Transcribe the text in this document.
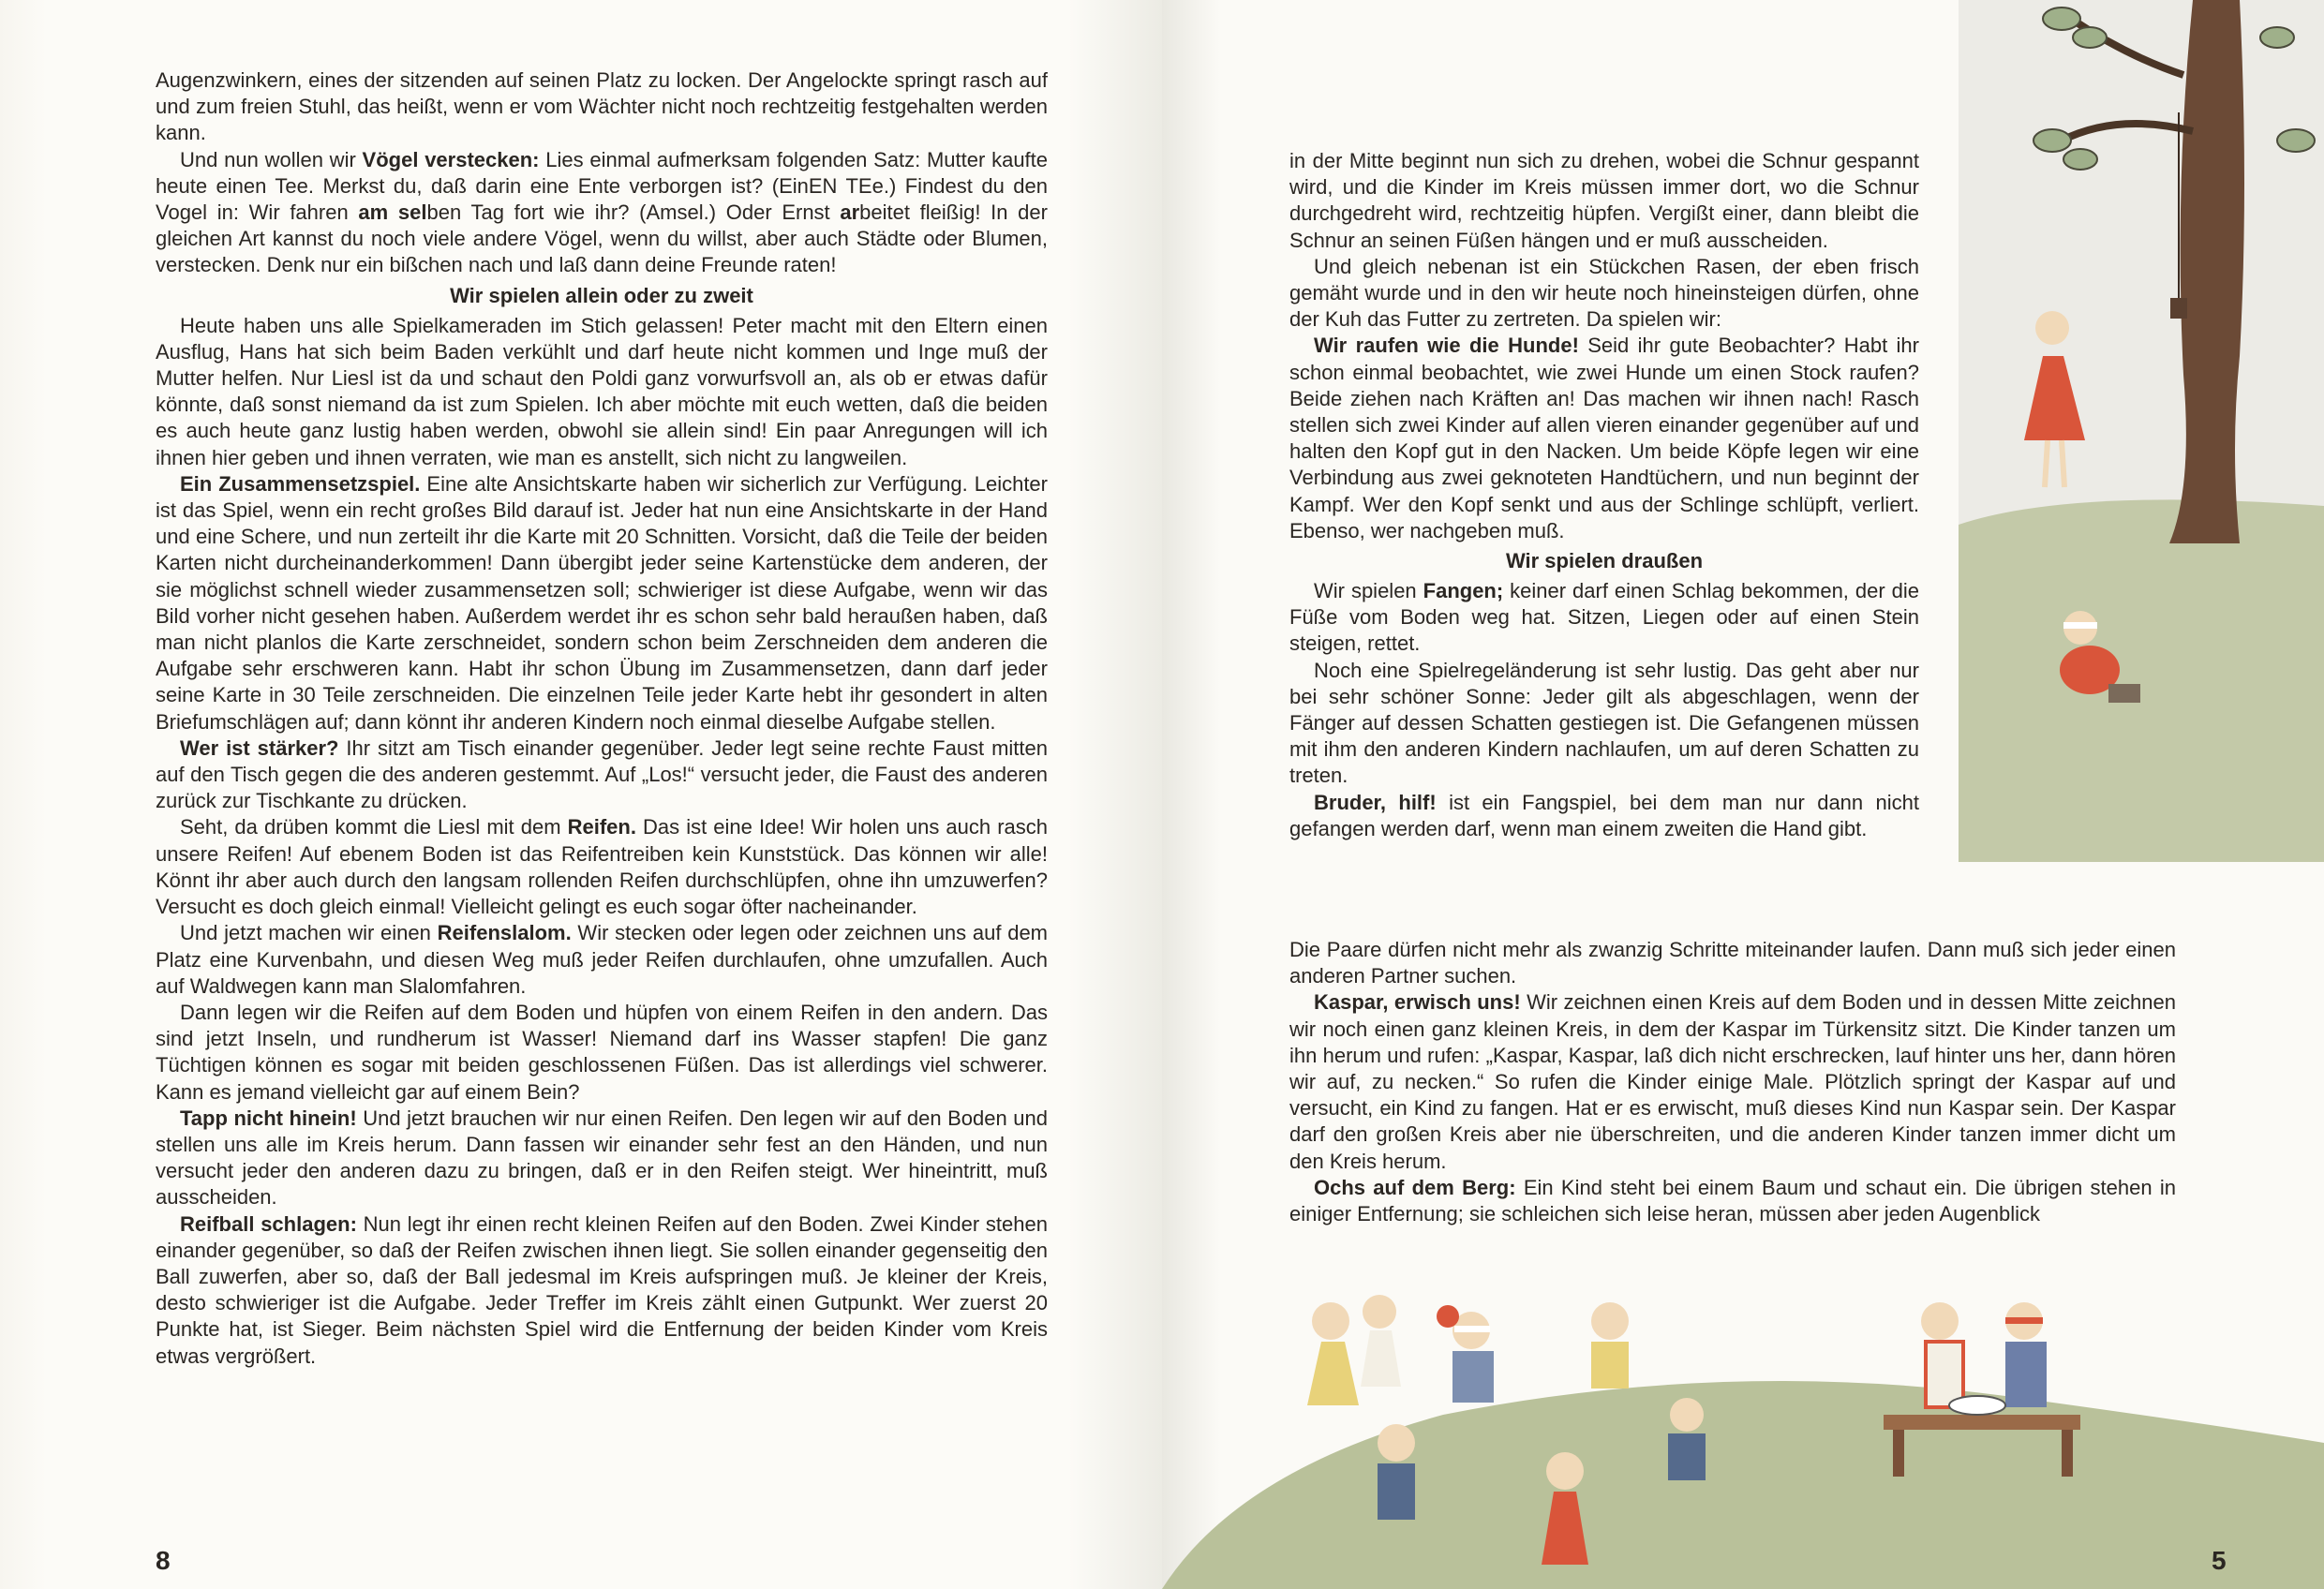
Augenzwinkern, eines der sitzenden auf seinen Platz zu locken. Der Angelockte springt rasch auf und zum freien Stuhl, das heißt, wenn er vom Wächter nicht noch rechtzeitig festgehalten werden kann.

Und nun wollen wir Vögel verstecken: Lies einmal aufmerksam folgenden Satz: Mutter kaufte heute einen Tee. Merkst du, daß darin eine Ente verborgen ist? (EinEN TEe.) Findest du den Vogel in: Wir fahren am selben Tag fort wie ihr? (Amsel.) Oder Ernst arbeitet fleißig! In der gleichen Art kannst du noch viele andere Vögel, wenn du willst, aber auch Städte oder Blumen, verstecken. Denk nur ein bißchen nach und laß dann deine Freunde raten!

Wir spielen allein oder zu zweit

Heute haben uns alle Spielkameraden im Stich gelassen! Peter macht mit den Eltern einen Ausflug, Hans hat sich beim Baden verkühlt und darf heute nicht kommen und Inge muß der Mutter helfen. Nur Liesl ist da und schaut den Poldi ganz vorwurfsvoll an, als ob er etwas dafür könnte, daß sonst niemand da ist zum Spielen. Ich aber möchte mit euch wetten, daß die beiden es auch heute ganz lustig haben werden, obwohl sie allein sind! Ein paar Anregungen will ich ihnen hier geben und ihnen verraten, wie man es anstellt, sich nicht zu langweilen.

Ein Zusammensetzspiel. Eine alte Ansichtskarte haben wir sicherlich zur Verfügung. Leichter ist das Spiel, wenn ein recht großes Bild darauf ist. Jeder hat nun eine Ansichtskarte in der Hand und eine Schere, und nun zerteilt ihr die Karte mit 20 Schnitten. Vorsicht, daß die Teile der beiden Karten nicht durcheinanderkommen! Dann übergibt jeder seine Kartenstücke dem anderen, der sie möglichst schnell wieder zusammensetzen soll; schwieriger ist diese Aufgabe, wenn wir das Bild vorher nicht gesehen haben. Außerdem werdet ihr es schon sehr bald heraußen haben, daß man nicht planlos die Karte zerschneidet, sondern schon beim Zerschneiden dem anderen die Aufgabe sehr erschweren kann. Habt ihr schon Übung im Zusammensetzen, dann darf jeder seine Karte in 30 Teile zerschneiden. Die einzelnen Teile jeder Karte hebt ihr gesondert in alten Briefumschlägen auf; dann könnt ihr anderen Kindern noch einmal dieselbe Aufgabe stellen.

Wer ist stärker? Ihr sitzt am Tisch einander gegenüber. Jeder legt seine rechte Faust mitten auf den Tisch gegen die des anderen gestemmt. Auf „Los!“ versucht jeder, die Faust des anderen zurück zur Tischkante zu drücken.

Seht, da drüben kommt die Liesl mit dem Reifen. Das ist eine Idee! Wir holen uns auch rasch unsere Reifen! Auf ebenem Boden ist das Reifentreiben kein Kunststück. Das können wir alle! Könnt ihr aber auch durch den langsam rollenden Reifen durchschlüpfen, ohne ihn umzuwerfen? Versucht es doch gleich einmal! Vielleicht gelingt es euch sogar öfter nacheinander.

Und jetzt machen wir einen Reifenslalom. Wir stecken oder legen oder zeichnen uns auf dem Platz eine Kurvenbahn, und diesen Weg muß jeder Reifen durchlaufen, ohne umzufallen. Auch auf Waldwegen kann man Slalomfahren.

Dann legen wir die Reifen auf dem Boden und hüpfen von einem Reifen in den andern. Das sind jetzt Inseln, und rundherum ist Wasser! Niemand darf ins Wasser stapfen! Die ganz Tüchtigen können es sogar mit beiden geschlossenen Füßen. Das ist allerdings viel schwerer. Kann es jemand vielleicht gar auf einem Bein?

Tapp nicht hinein! Und jetzt brauchen wir nur einen Reifen. Den legen wir auf den Boden und stellen uns alle im Kreis herum. Dann fassen wir einander sehr fest an den Händen, und nun versucht jeder den anderen dazu zu bringen, daß er in den Reifen steigt. Wer hineintritt, muß ausscheiden.

Reifball schlagen: Nun legt ihr einen recht kleinen Reifen auf den Boden. Zwei Kinder stehen einander gegenüber, so daß der Reifen zwischen ihnen liegt. Sie sollen einander gegenseitig den Ball zuwerfen, aber so, daß der Ball jedesmal im Kreis aufspringen muß. Je kleiner der Kreis, desto schwieriger ist die Aufgabe. Jeder Treffer im Kreis zählt einen Gutpunkt. Wer zuerst 20 Punkte hat, ist Sieger. Beim nächsten Spiel wird die Entfernung der beiden Kinder vom Kreis etwas vergrößert.

8

in der Mitte beginnt nun sich zu drehen, wobei die Schnur gespannt wird, und die Kinder im Kreis müssen immer dort, wo die Schnur durchgedreht wird, rechtzeitig hüpfen. Vergißt einer, dann bleibt die Schnur an seinen Füßen hängen und er muß ausscheiden.

Und gleich nebenan ist ein Stückchen Rasen, der eben frisch gemäht wurde und in den wir heute noch hineinsteigen dürfen, ohne der Kuh das Futter zu zertreten. Da spielen wir:

Wir raufen wie die Hunde! Seid ihr gute Beobachter? Habt ihr schon einmal beobachtet, wie zwei Hunde um einen Stock raufen? Beide ziehen nach Kräften an! Das machen wir ihnen nach! Rasch stellen sich zwei Kinder auf allen vieren einander gegenüber auf und halten den Kopf gut in den Nacken. Um beide Köpfe legen wir eine Verbindung aus zwei geknoteten Handtüchern, und nun beginnt der Kampf. Wer den Kopf senkt und aus der Schlinge schlüpft, verliert. Ebenso, wer nachgeben muß.

Wir spielen draußen

Wir spielen Fangen; keiner darf einen Schlag bekommen, der die Füße vom Boden weg hat. Sitzen, Liegen oder auf einen Stein steigen, rettet.

Noch eine Spielregeländerung ist sehr lustig. Das geht aber nur bei sehr schöner Sonne: Jeder gilt als abgeschlagen, wenn der Fänger auf dessen Schatten gestiegen ist. Die Gefangenen müssen mit ihm den anderen Kindern nachlaufen, um auf deren Schatten zu treten.

Bruder, hilf! ist ein Fangspiel, bei dem man nur dann nicht gefangen werden darf, wenn man einem zweiten die Hand gibt.

Die Paare dürfen nicht mehr als zwanzig Schritte miteinander laufen. Dann muß sich jeder einen anderen Partner suchen.

Kaspar, erwisch uns! Wir zeichnen einen Kreis auf dem Boden und in dessen Mitte zeichnen wir noch einen ganz kleinen Kreis, in dem der Kaspar im Türkensitz sitzt. Die Kinder tanzen um ihn herum und rufen: „Kaspar, Kaspar, laß dich nicht erschrecken, lauf hinter uns her, dann hören wir auf, zu necken.“ So rufen die Kinder einige Male. Plötzlich springt der Kaspar auf und versucht, ein Kind zu fangen. Hat er es erwischt, muß dieses Kind nun Kaspar sein. Der Kaspar darf den großen Kreis aber nie überschreiten, und die anderen Kinder tanzen immer dicht um den Kreis herum.

Ochs auf dem Berg: Ein Kind steht bei einem Baum und schaut ein. Die übrigen stehen in einiger Entfernung; sie schleichen sich leise heran, müssen aber jeden Augenblick

5
